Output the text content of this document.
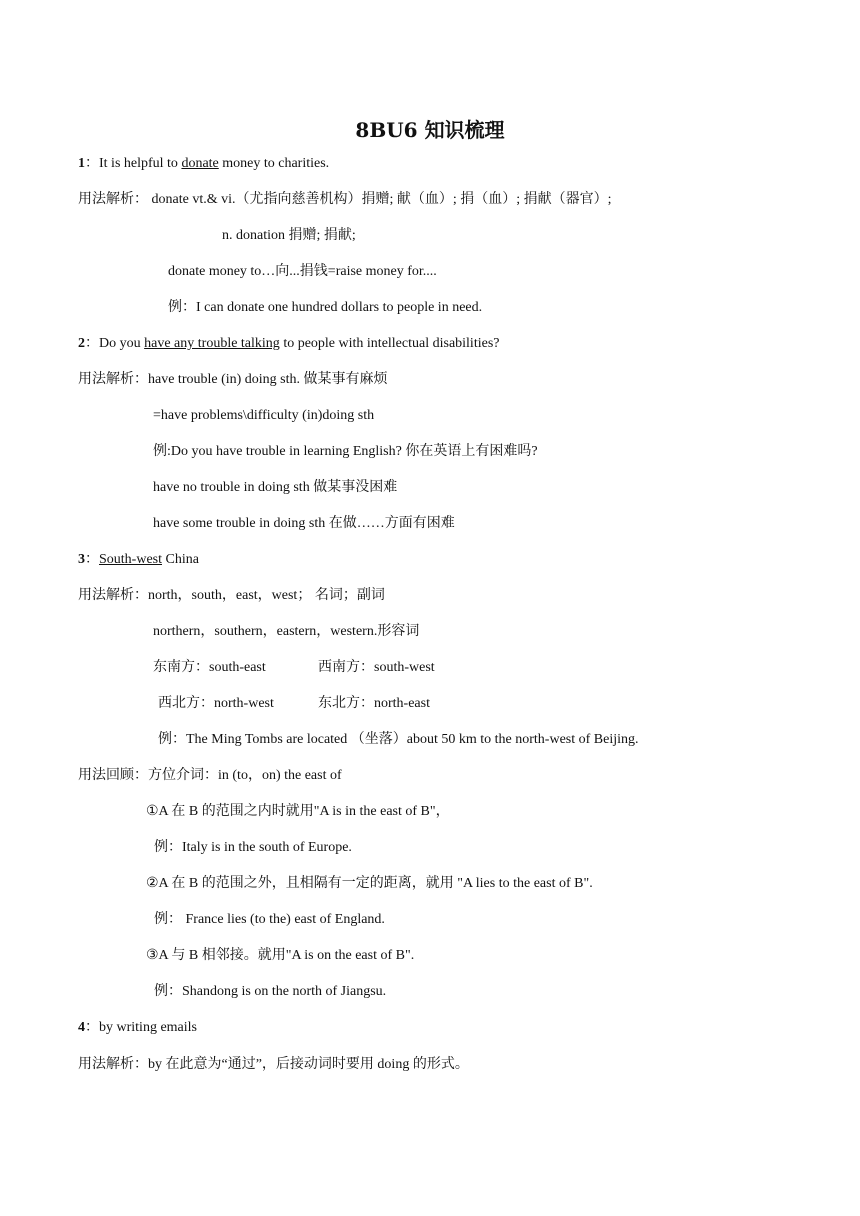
8BU6 知识梳理
1：It is helpful to donate money to charities.
用法解析： donate vt.& vi.（尤指向慈善机构）捐赠; 献（血）; 捐（血）; 捐献（器官）;
n. donation 捐赠; 捐献;
donate money to…向...捐钱=raise money for....
例：I can donate one hundred dollars to people in need.
2：Do you have any trouble talking to people with intellectual disabilities?
用法解析：have trouble (in) doing sth. 做某事有麻烦
=have problems\difficulty (in)doing sth
例:Do you have trouble in learning English? 你在英语上有困难吗?
have no trouble in doing sth 做某事没困难
have some trouble in doing sth 在做……方面有困难
3：South-west China
用法解析：north，south，east，west； 名词；副词
northern，southern，eastern，western.形容词
东南方：south-east	西南方：south-west
西北方：north-west	东北方：north-east
例：The Ming Tombs are located （坐落）about 50 km to the north-west of Beijing.
用法回顾：方位介词：in (to，on) the east of
①A 在 B 的范围之内时就用"A is in the east of B"，
例：Italy is in the south of Europe.
②A 在 B 的范围之外，且相隔有一定的距离，就用 "A lies to the east of B".
例： France lies (to the) east of England.
③A 与 B 相邻接。就用"A is on the east of B".
例：Shandong is on the north of Jiangsu.
4：by writing emails
用法解析：by 在此意为“通过”，后接动词时要用 doing 的形式。
